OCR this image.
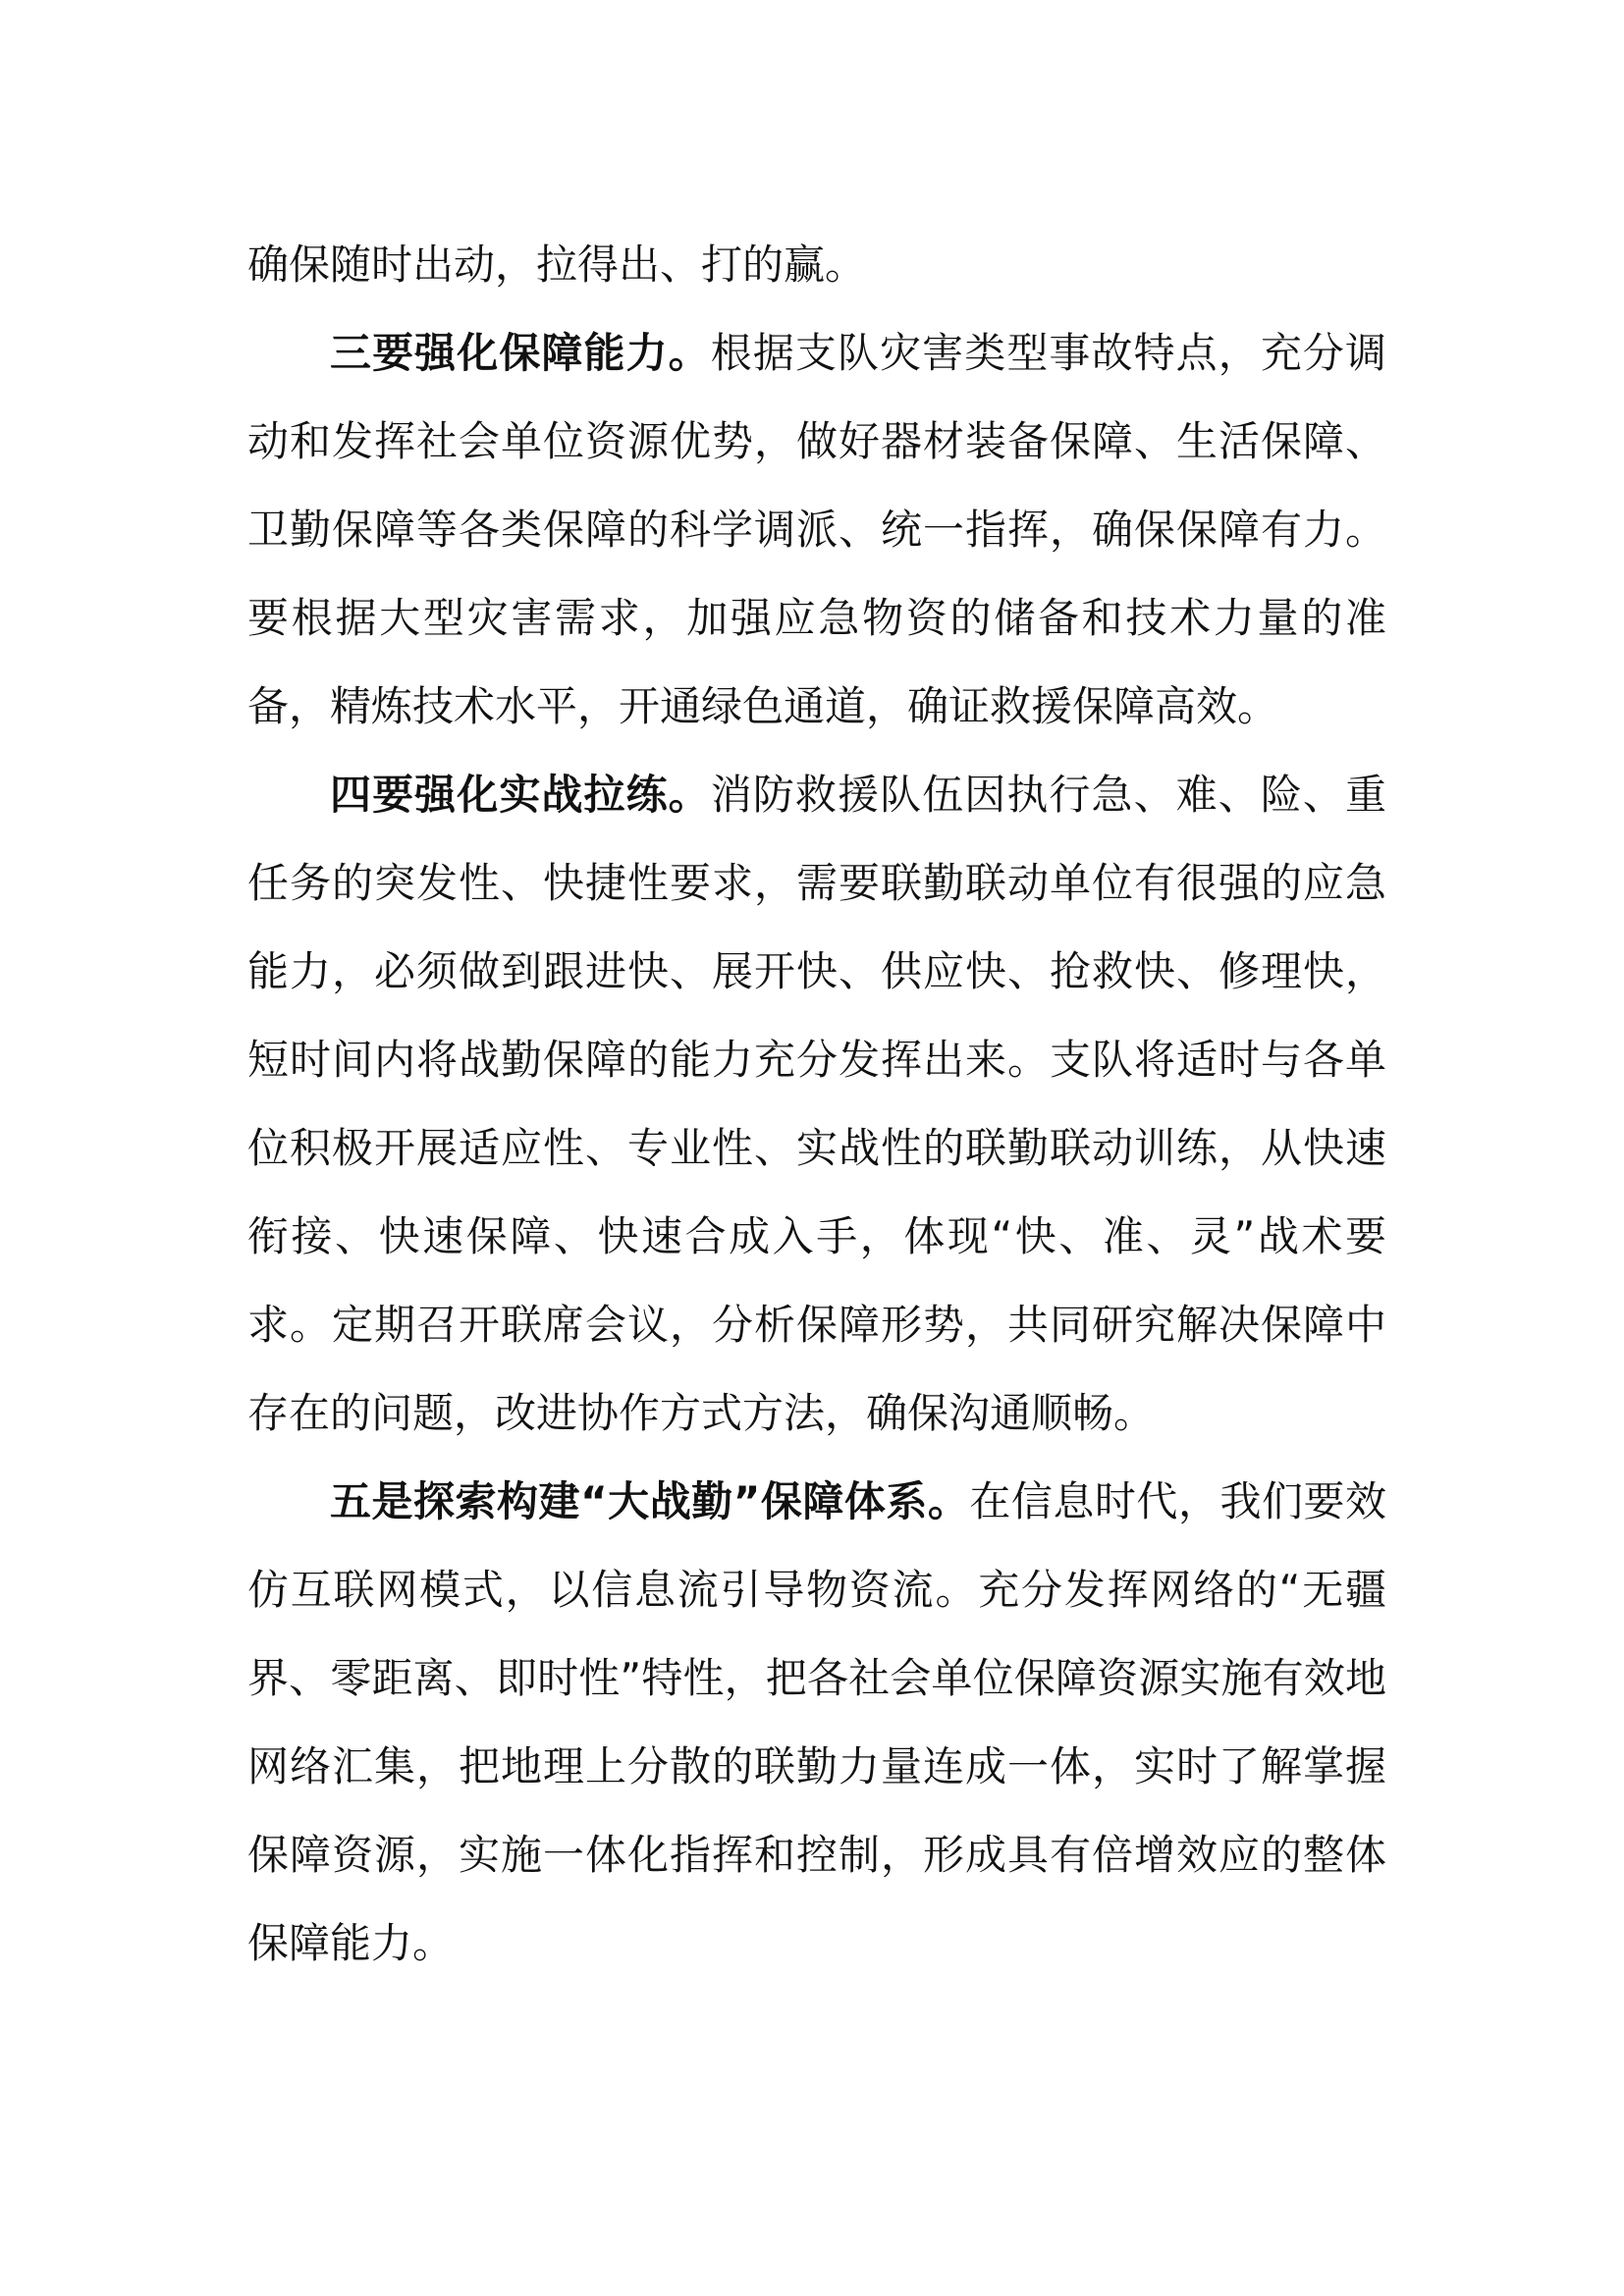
确保随时出动，拉得出、打的赢。

三要强化保障能力。根据支队灾害类型事故特点，充分调动和发挥社会单位资源优势，做好器材装备保障、生活保障、卫勤保障等各类保障的科学调派、统一指挥，确保保障有力。要根据大型灾害需求，加强应急物资的储备和技术力量的准备，精炼技术水平，开通绿色通道，确证救援保障高效。

四要强化实战拉练。消防救援队伍因执行急、难、险、重任务的突发性、快捷性要求，需要联勤联动单位有很强的应急能力，必须做到跟进快、展开快、供应快、抢救快、修理快，短时间内将战勤保障的能力充分发挥出来。支队将适时与各单位积极开展适应性、专业性、实战性的联勤联动训练，从快速衔接、快速保障、快速合成入手，体现“快、准、灵”战术要求。定期召开联席会议，分析保障形势，共同研究解决保障中存在的问题，改进协作方式方法，确保沟通顺畅。

五是探索构建“大战勤”保障体系。在信息时代，我们要效仿互联网模式，以信息流引导物资流。充分发挥网络的“无疆界、零距离、即时性”特性，把各社会单位保障资源实施有效地网络汇集，把地理上分散的联勤力量连成一体，实时了解掌握保障资源，实施一体化指挥和控制，形成具有倍增效应的整体保障能力。
